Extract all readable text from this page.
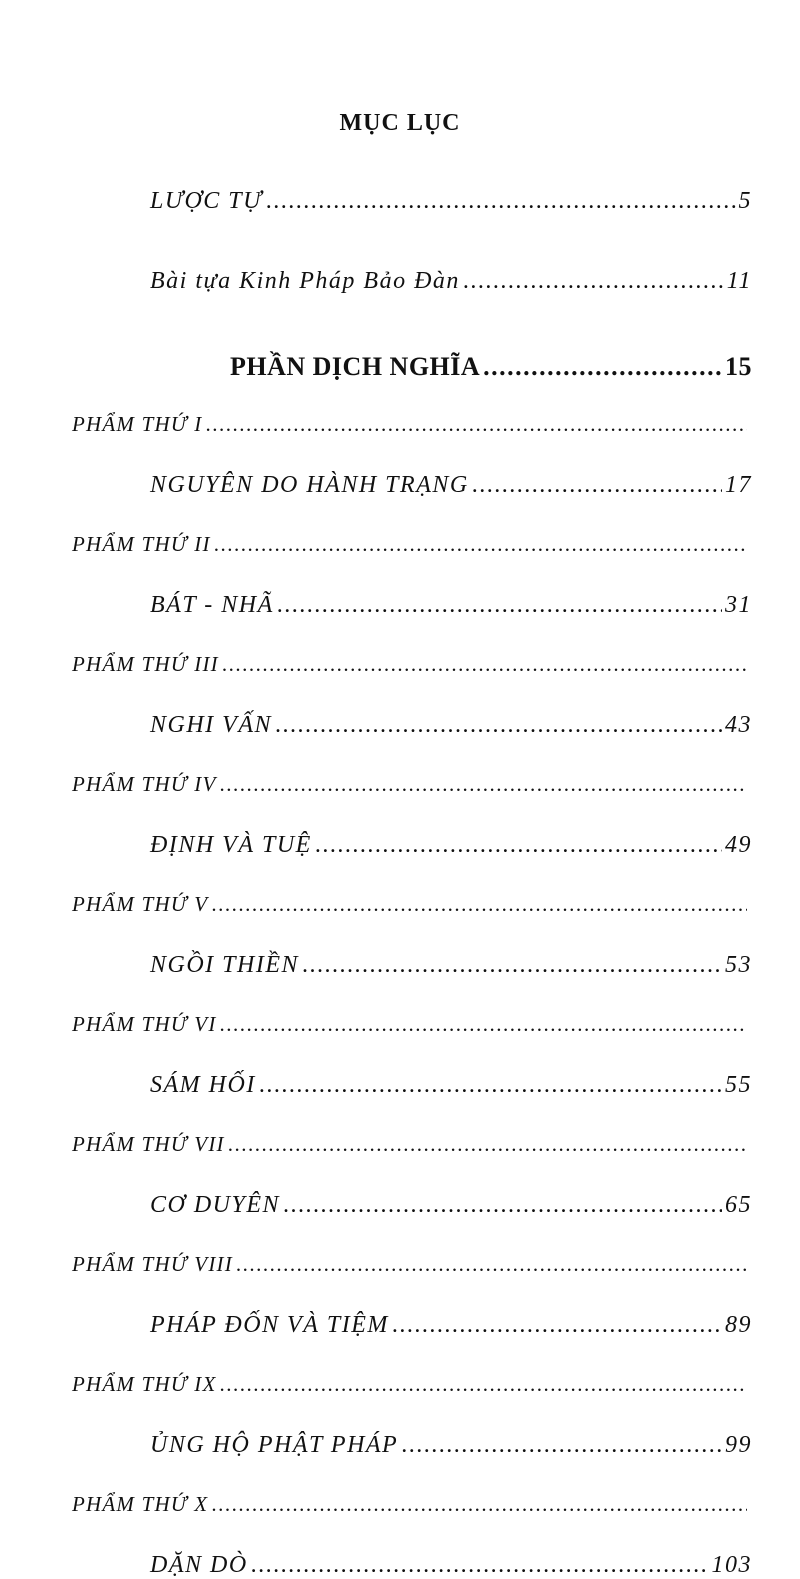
MỤC LỤC
LƯỢC TỰ .....	5
Bài tựa Kinh Pháp Bảo Đàn .....	11
PHẦN DỊCH NGHĨA .....	15
PHẨM THỨ I
.....
NGUYÊN DO HÀNH TRẠNG .....	17
PHẨM THỨ II
.....
BÁT - NHÃ .....	31
PHẨM THỨ III
.....
NGHI VẤN .....	43
PHẨM THỨ IV
.....
ĐỊNH VÀ TUỆ .....	49
PHẨM THỨ V
.....
NGỒI THIỀN .....	53
PHẨM THỨ VI
.....
SÁM HỐI .....	55
PHẨM THỨ VII
.....
CƠ DUYÊN .....	65
PHẨM THỨ VIII
.....
PHÁP ĐỐN VÀ TIỆM .....	89
PHẨM THỨ IX
.....
ỦNG HỘ PHẬT PHÁP .....	99
PHẨM THỨ X
.....
DẶN DÒ .....	103
